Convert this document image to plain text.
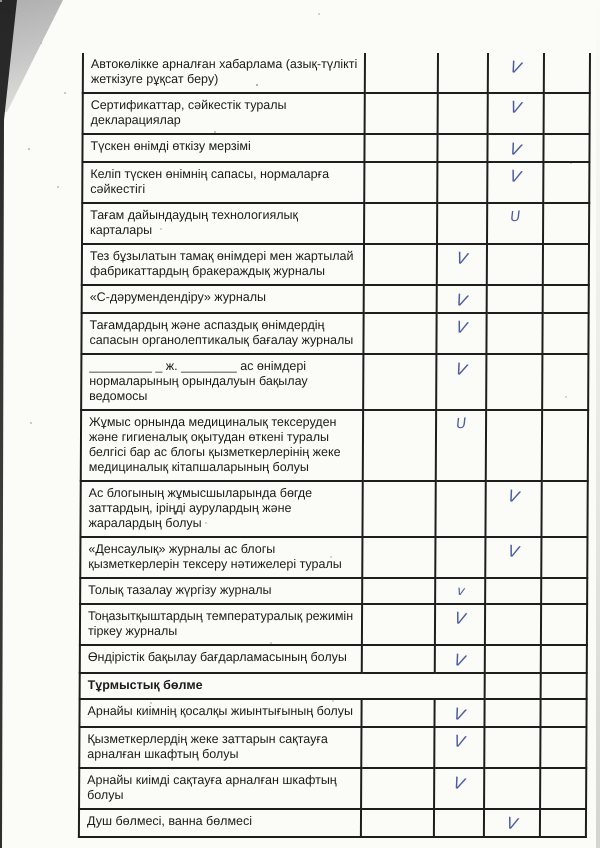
Автокөлікке арналған хабарлама (азық-түлікті жеткізуге рұқсат беру)			V	
Сертификаттар, сәйкестік туралы декларациялар			V	
Түскен өнімді өткізу мерзімі			V	
Келіп түскен өнімнің сапасы, нормаларға сәйкестігі			V	
Тағам дайындаудың технологиялық карталары			U	
Тез бұзылатын тамақ өнімдері мен жартылай фабрикаттардың бракераждық журналы		V		
«С-дәрумендендіру» журналы		V		
Тағамдардың және аспаздық өнімдердің сапасын органолептикалық бағалау журналы		V		
_________ _ ж. ________ ас өнімдері нормаларының орындалуын бақылау ведомосы		V		
Жұмыс орнында медициналық тексеруден және гигиеналық оқытудан өткені туралы белгісі бар ас блогы қызметкерлерінің жеке медициналық кітапшаларының болуы		U		
Ас блогының жұмысшыларында бөгде заттардың, іріңді аурулардың және жаралардың болуы			V	
«Денсаулық» журналы ас блогы қызметкерлерін тексеру нәтижелері туралы			V	
Толық тазалау жүргізу журналы		v		
Тоңазытқыштардың температуралық режимін тіркеу журналы		V		
Өндірістік бақылау бағдарламасының болуы		V		
Тұрмыстық бөлме				
Арнайы киімнің қосалқы жиынтығының болуы		V		
Қызметкерлердің жеке заттарын сақтауға арналған шкафтың болуы		V		
Арнайы киімді сақтауға арналған шкафтың болуы		V		
Душ бөлмесі, ванна бөлмесі			V	
